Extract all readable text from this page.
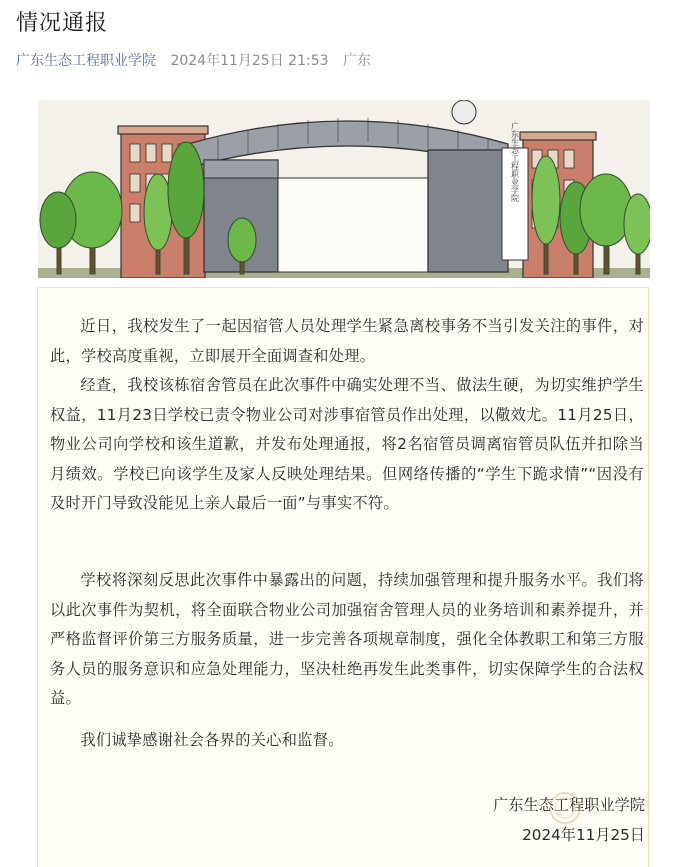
情况通报
广东生态工程职业学院 2024年11月25日 21:53 广东
广东生态工程职业学院

近日，我校发生了一起因宿管人员处理学生紧急离校事务不当引发关注的事件，对此，学校高度重视，立即展开全面调查和处理。

经查，我校该栋宿舍管员在此次事件中确实处理不当、做法生硬，为切实维护学生权益，11月23日学校已责令物业公司对涉事宿管员作出处理，以儆效尤。11月25日，物业公司向学校和该生道歉，并发布处理通报，将2名宿管员调离宿管员队伍并扣除当月绩效。学校已向该学生及家人反映处理结果。但网络传播的“学生下跪求情”“因没有及时开门导致没能见上亲人最后一面”与事实不符。

学校将深刻反思此次事件中暴露出的问题，持续加强管理和提升服务水平。我们将以此次事件为契机，将全面联合物业公司加强宿舍管理人员的业务培训和素养提升，并严格监督评价第三方服务质量，进一步完善各项规章制度，强化全体教职工和第三方服务人员的服务意识和应急处理能力，坚决杜绝再发生此类事件，切实保障学生的合法权益。

我们诚挚感谢社会各界的关心和监督。

广东生态工程职业学院
2024年11月25日
